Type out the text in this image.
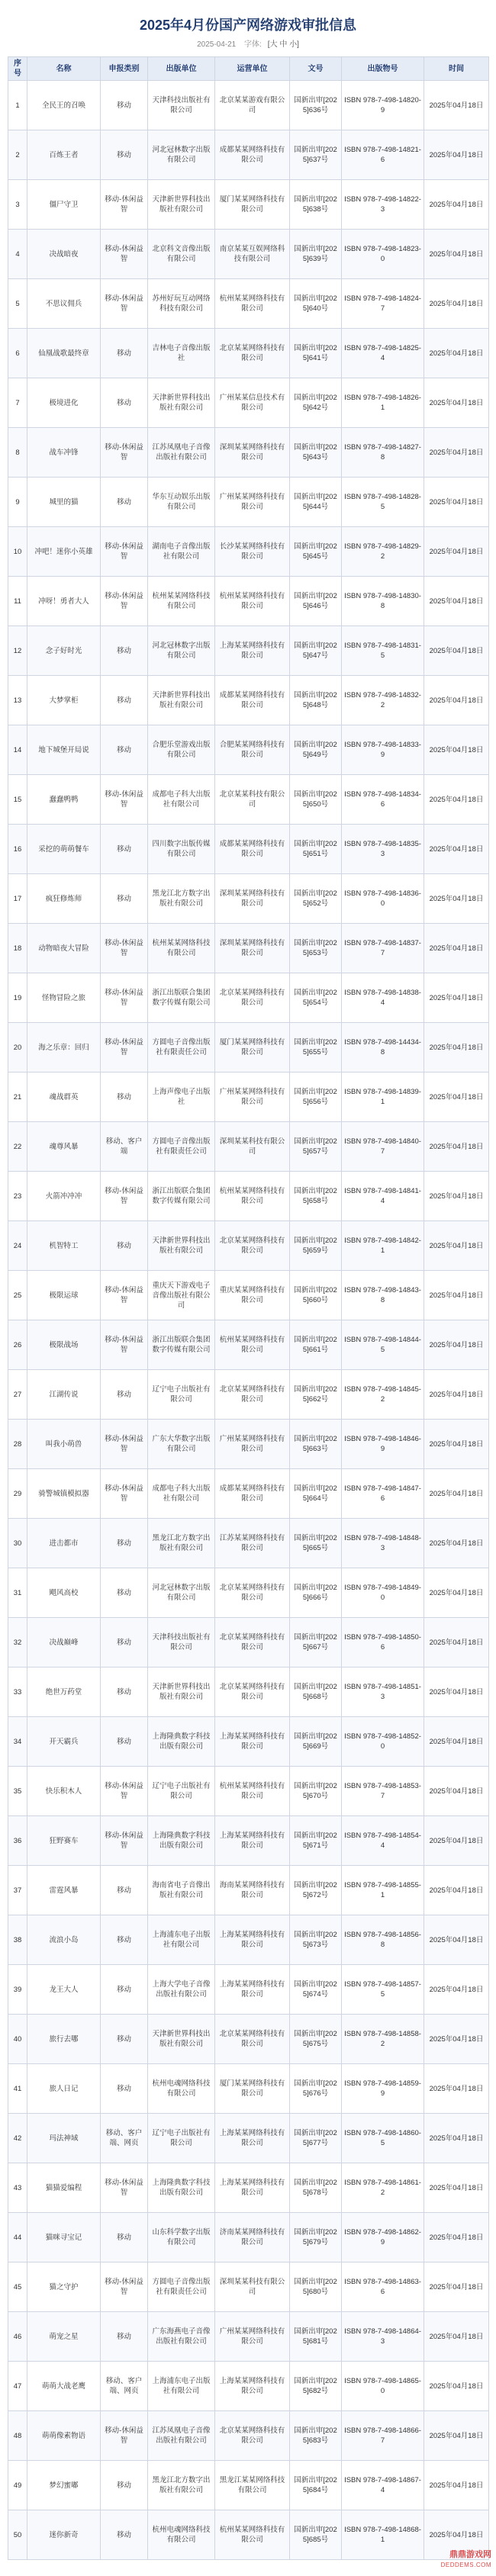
2025年4月份国产网络游戏审批信息
2025-04-21 字体: [大 中 小]
序号	名称	申报类别	出版单位	运营单位	文号	出版物号	时间
1	全民王的召唤	移动	天津科技出版社有限公司	北京某某游戏有限公司	国新出审[2025]636号	ISBN 978-7-498-14820-9	2025年04月18日
2	百炼王者	移动	河北冠林数字出版有限公司	成都某某网络科技有限公司	国新出审[2025]637号	ISBN 978-7-498-14821-6	2025年04月18日
3	僵尸守卫	移动-休闲益智	天津新世界科技出版社有限公司	厦门某某网络科技有限公司	国新出审[2025]638号	ISBN 978-7-498-14822-3	2025年04月18日
4	决战暗夜	移动-休闲益智	北京科文音像出版有限公司	南京某某互娱网络科技有限公司	国新出审[2025]639号	ISBN 978-7-498-14823-0	2025年04月18日
5	不思议佣兵	移动-休闲益智	苏州好玩互动网络科技有限公司	杭州某某网络科技有限公司	国新出审[2025]640号	ISBN 978-7-498-14824-7	2025年04月18日
6	仙凰战歌最终章	移动	吉林电子音像出版社	北京某某网络科技有限公司	国新出审[2025]641号	ISBN 978-7-498-14825-4	2025年04月18日
7	极境进化	移动	天津新世界科技出版社有限公司	广州某某信息技术有限公司	国新出审[2025]642号	ISBN 978-7-498-14826-1	2025年04月18日
8	战车冲锋	移动-休闲益智	江苏凤凰电子音像出版社有限公司	深圳某某网络科技有限公司	国新出审[2025]643号	ISBN 978-7-498-14827-8	2025年04月18日
9	城里的猫	移动	华东互动娱乐出版有限公司	广州某某网络科技有限公司	国新出审[2025]644号	ISBN 978-7-498-14828-5	2025年04月18日
10	冲吧！迷你小英雄	移动-休闲益智	湖南电子音像出版社有限公司	长沙某某网络科技有限公司	国新出审[2025]645号	ISBN 978-7-498-14829-2	2025年04月18日
11	冲呀！勇者大人	移动-休闲益智	杭州某某网络科技有限公司	杭州某某网络科技有限公司	国新出审[2025]646号	ISBN 978-7-498-14830-8	2025年04月18日
12	念子好时光	移动	河北冠林数字出版有限公司	上海某某网络科技有限公司	国新出审[2025]647号	ISBN 978-7-498-14831-5	2025年04月18日
13	大梦掌柜	移动	天津新世界科技出版社有限公司	成都某某网络科技有限公司	国新出审[2025]648号	ISBN 978-7-498-14832-2	2025年04月18日
14	地下城堡开局说	移动	合肥乐堂游戏出版有限公司	合肥某某网络科技有限公司	国新出审[2025]649号	ISBN 978-7-498-14833-9	2025年04月18日
15	蠢蠢鸭鸭	移动-休闲益智	成都电子科大出版社有限公司	北京某某科技有限公司	国新出审[2025]650号	ISBN 978-7-498-14834-6	2025年04月18日
16	采挖的萌萌餐车	移动	四川数字出版传媒有限公司	成都某某网络科技有限公司	国新出审[2025]651号	ISBN 978-7-498-14835-3	2025年04月18日
17	疯狂修炼师	移动	黑龙江北方数字出版社有限公司	深圳某某网络科技有限公司	国新出审[2025]652号	ISBN 978-7-498-14836-0	2025年04月18日
18	动物暗夜大冒险	移动-休闲益智	杭州某某网络科技有限公司	深圳某某网络科技有限公司	国新出审[2025]653号	ISBN 978-7-498-14837-7	2025年04月18日
19	怪物冒险之旅	移动-休闲益智	浙江出版联合集团数字传媒有限公司	北京某某网络科技有限公司	国新出审[2025]654号	ISBN 978-7-498-14838-4	2025年04月18日
20	海之乐章：回归	移动-休闲益智	方圆电子音像出版社有限责任公司	厦门某某网络科技有限公司	国新出审[2025]655号	ISBN 978-7-498-14434-8	2025年04月18日
21	魂战群英	移动	上海声像电子出版社	广州某某网络科技有限公司	国新出审[2025]656号	ISBN 978-7-498-14839-1	2025年04月18日
22	魂尊风暴	移动、客户端	方圆电子音像出版社有限责任公司	深圳某某科技有限公司	国新出审[2025]657号	ISBN 978-7-498-14840-7	2025年04月18日
23	火箭冲冲冲	移动-休闲益智	浙江出版联合集团数字传媒有限公司	杭州某某网络科技有限公司	国新出审[2025]658号	ISBN 978-7-498-14841-4	2025年04月18日
24	机智特工	移动	天津新世界科技出版社有限公司	北京某某网络科技有限公司	国新出审[2025]659号	ISBN 978-7-498-14842-1	2025年04月18日
25	极限运球	移动-休闲益智	重庆天下游戏电子音像出版社有限公司	重庆某某网络科技有限公司	国新出审[2025]660号	ISBN 978-7-498-14843-8	2025年04月18日
26	极限战场	移动-休闲益智	浙江出版联合集团数字传媒有限公司	杭州某某网络科技有限公司	国新出审[2025]661号	ISBN 978-7-498-14844-5	2025年04月18日
27	江湖传说	移动	辽宁电子出版社有限公司	北京某某网络科技有限公司	国新出审[2025]662号	ISBN 978-7-498-14845-2	2025年04月18日
28	叫我小萌兽	移动-休闲益智	广东大华数字出版有限公司	广州某某网络科技有限公司	国新出审[2025]663号	ISBN 978-7-498-14846-9	2025年04月18日
29	骑警城镇模拟器	移动-休闲益智	成都电子科大出版社有限公司	成都某某网络科技有限公司	国新出审[2025]664号	ISBN 978-7-498-14847-6	2025年04月18日
30	进击都市	移动	黑龙江北方数字出版社有限公司	江苏某某网络科技有限公司	国新出审[2025]665号	ISBN 978-7-498-14848-3	2025年04月18日
31	飓风高校	移动	河北冠林数字出版有限公司	北京某某网络科技有限公司	国新出审[2025]666号	ISBN 978-7-498-14849-0	2025年04月18日
32	决战巅峰	移动	天津科技出版社有限公司	北京某某网络科技有限公司	国新出审[2025]667号	ISBN 978-7-498-14850-6	2025年04月18日
33	绝世万药堂	移动	天津新世界科技出版社有限公司	北京某某网络科技有限公司	国新出审[2025]668号	ISBN 978-7-498-14851-3	2025年04月18日
34	开天霸兵	移动	上海隆典数字科技出版有限公司	上海某某网络科技有限公司	国新出审[2025]669号	ISBN 978-7-498-14852-0	2025年04月18日
35	快乐积木人	移动-休闲益智	辽宁电子出版社有限公司	杭州某某网络科技有限公司	国新出审[2025]670号	ISBN 978-7-498-14853-7	2025年04月18日
36	狂野赛车	移动-休闲益智	上海隆典数字科技出版有限公司	上海某某网络科技有限公司	国新出审[2025]671号	ISBN 978-7-498-14854-4	2025年04月18日
37	雷霆风暴	移动	海南省电子音像出版社有限公司	海南某某网络科技有限公司	国新出审[2025]672号	ISBN 978-7-498-14855-1	2025年04月18日
38	流浪小岛	移动	上海浦东电子出版社有限公司	上海某某网络科技有限公司	国新出审[2025]673号	ISBN 978-7-498-14856-8	2025年04月18日
39	龙王大人	移动	上海大学电子音像出版社有限公司	上海某某网络科技有限公司	国新出审[2025]674号	ISBN 978-7-498-14857-5	2025年04月18日
40	旅行去哪	移动	天津新世界科技出版社有限公司	北京某某网络科技有限公司	国新出审[2025]675号	ISBN 978-7-498-14858-2	2025年04月18日
41	旅人日记	移动	杭州电魂网络科技有限公司	厦门某某网络科技有限公司	国新出审[2025]676号	ISBN 978-7-498-14859-9	2025年04月18日
42	玛法神域	移动、客户端、网页	辽宁电子出版社有限公司	上海某某网络科技有限公司	国新出审[2025]677号	ISBN 978-7-498-14860-5	2025年04月18日
43	猫猫爱编程	移动-休闲益智	上海隆典数字科技出版有限公司	上海某某网络科技有限公司	国新出审[2025]678号	ISBN 978-7-498-14861-2	2025年04月18日
44	猫咪寻宝记	移动	山东科学数字出版有限公司	济南某某网络科技有限公司	国新出审[2025]679号	ISBN 978-7-498-14862-9	2025年04月18日
45	猫之守护	移动-休闲益智	方圆电子音像出版社有限责任公司	深圳某某科技有限公司	国新出审[2025]680号	ISBN 978-7-498-14863-6	2025年04月18日
46	萌宠之星	移动	广东海燕电子音像出版社有限公司	广州某某网络科技有限公司	国新出审[2025]681号	ISBN 978-7-498-14864-3	2025年04月18日
47	萌萌大战老鹰	移动、客户端、网页	上海浦东电子出版社有限公司	上海某某网络科技有限公司	国新出审[2025]682号	ISBN 978-7-498-14865-0	2025年04月18日
48	萌萌像素物语	移动-休闲益智	江苏凤凰电子音像出版社有限公司	北京某某网络科技有限公司	国新出审[2025]683号	ISBN 978-7-498-14866-7	2025年04月18日
49	梦幻蜜嘟	移动	黑龙江北方数字出版社有限公司	黑龙江某某网络科技有限公司	国新出审[2025]684号	ISBN 978-7-498-14867-4	2025年04月18日
50	迷你新奇	移动	杭州电魂网络科技有限公司	杭州某某网络科技有限公司	国新出审[2025]685号	ISBN 978-7-498-14868-1	2025年04月18日
鼎鼎游戏网
DEDDEMS.COM
